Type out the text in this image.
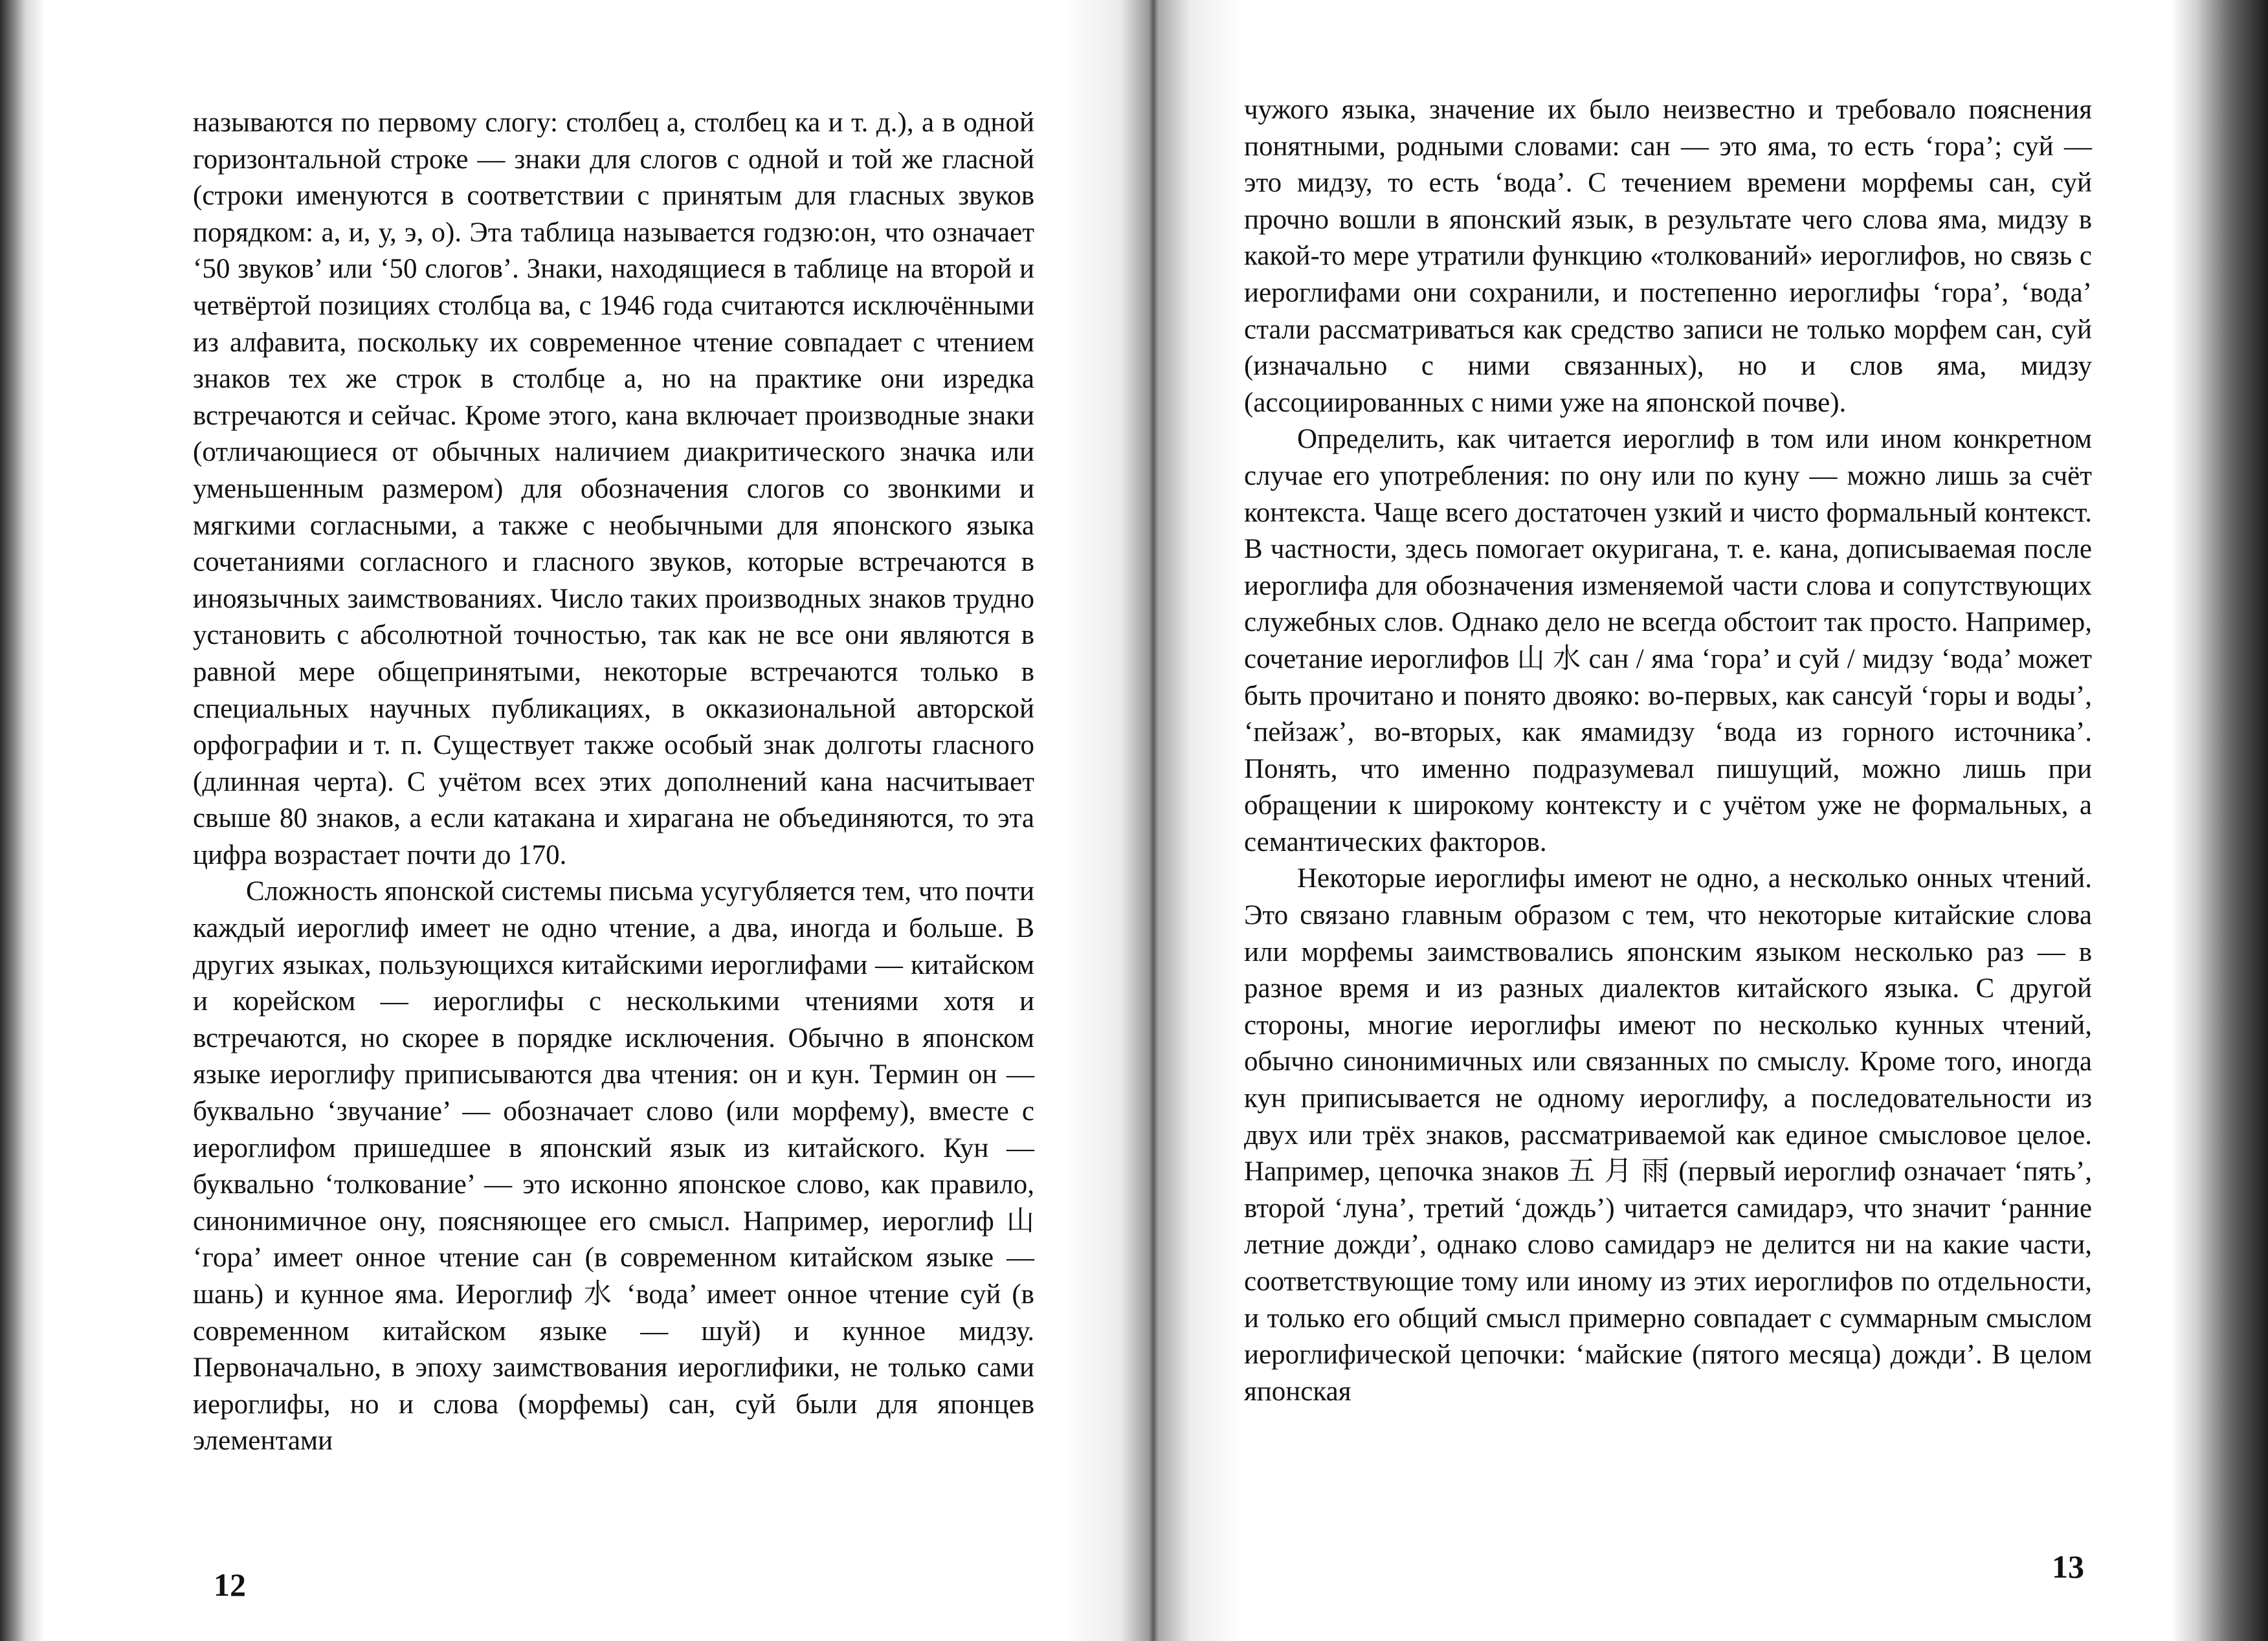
называются по первому слогу: столбец а, столбец ка и т. д.), а в одной горизонтальной строке — знаки для слогов с одной и той же гласной (строки именуются в соответствии с принятым для гласных звуков порядком: а, и, у, э, о). Эта таблица называется годзю:он, что означает ‘50 звуков’ или ‘50 слогов’. Знаки, находящиеся в таблице на второй и четвёртой позициях столбца ва, с 1946 года считаются исключёнными из алфавита, поскольку их современное чтение совпадает с чтением знаков тех же строк в столбце а, но на практике они изредка встречаются и сейчас. Кроме этого, кана включает производные знаки (отличающиеся от обычных наличием диакритического значка или уменьшенным размером) для обозначения слогов со звонкими и мягкими согласными, а также с необычными для японского языка сочетаниями согласного и гласного звуков, которые встречаются в иноязычных заимствованиях. Число таких производных знаков трудно установить с абсолютной точностью, так как не все они являются в равной мере общепринятыми, некоторые встречаются только в специальных научных публикациях, в окказиональной авторской орфографии и т. п. Существует также особый знак долготы гласного (длинная черта). С учётом всех этих дополнений кана насчитывает свыше 80 знаков, а если катакана и хирагана не объединяются, то эта цифра возрастает почти до 170.

Сложность японской системы письма усугубляется тем, что почти каждый иероглиф имеет не одно чтение, а два, иногда и больше. В других языках, пользующихся китайскими иероглифами — китайском и корейском — иероглифы с несколькими чтениями хотя и встречаются, но скорее в порядке исключения. Обычно в японском языке иероглифу приписываются два чтения: он и кун. Термин он — буквально ‘звучание’ — обозначает слово (или морфему), вместе с иероглифом пришедшее в японский язык из китайского. Кун — буквально ‘толкование’ — это исконно японское слово, как правило, синонимичное ону, поясняющее его смысл. Например, иероглиф 山 ‘гора’ имеет онное чтение сан (в современном китайском языке — шань) и кунное яма. Иероглиф 水 ‘вода’ имеет онное чтение суй (в современном китайском языке — шуй) и кунное мидзу. Первоначально, в эпоху заимствования иероглифики, не только сами иероглифы, но и слова (морфемы) сан, суй были для японцев элементами

12

чужого языка, значение их было неизвестно и требовало пояснения понятными, родными словами: сан — это яма, то есть ‘гора’; суй — это мидзу, то есть ‘вода’. С течением времени морфемы сан, суй прочно вошли в японский язык, в результате чего слова яма, мидзу в какой-то мере утратили функцию «толкований» иероглифов, но связь с иероглифами они сохранили, и постепенно иероглифы ‘гора’, ‘вода’ стали рассматриваться как средство записи не только морфем сан, суй (изначально с ними связанных), но и слов яма, мидзу (ассоциированных с ними уже на японской почве).

Определить, как читается иероглиф в том или ином конкретном случае его употребления: по ону или по куну — можно лишь за счёт контекста. Чаще всего достаточен узкий и чисто формальный контекст. В частности, здесь помогает окуригана, т. е. кана, дописываемая после иероглифа для обозначения изменяемой части слова и сопутствующих служебных слов. Однако дело не всегда обстоит так просто. Например, сочетание иероглифов 山 水 сан / яма ‘гора’ и суй / мидзу ‘вода’ может быть прочитано и понято двояко: во-первых, как сансуй ‘горы и воды’, ‘пейзаж’, во-вторых, как ямамидзу ‘вода из горного источника’. Понять, что именно подразумевал пишущий, можно лишь при обращении к широкому контексту и с учётом уже не формальных, а семантических факторов.

Некоторые иероглифы имеют не одно, а несколько онных чтений. Это связано главным образом с тем, что некоторые китайские слова или морфемы заимствовались японским языком несколько раз — в разное время и из разных диалектов китайского языка. С другой стороны, многие иероглифы имеют по несколько кунных чтений, обычно синонимичных или связанных по смыслу. Кроме того, иногда кун приписывается не одному иероглифу, а последовательности из двух или трёх знаков, рассматриваемой как единое смысловое целое. Например, цепочка знаков 五 月 雨 (первый иероглиф означает ‘пять’, второй ‘луна’, третий ‘дождь’) читается самидарэ, что значит ‘ранние летние дожди’, однако слово самидарэ не делится ни на какие части, соответствующие тому или иному из этих иероглифов по отдельности, и только его общий смысл примерно совпадает с суммарным смыслом иероглифической цепочки: ‘майские (пятого месяца) дожди’. В целом японская

13
